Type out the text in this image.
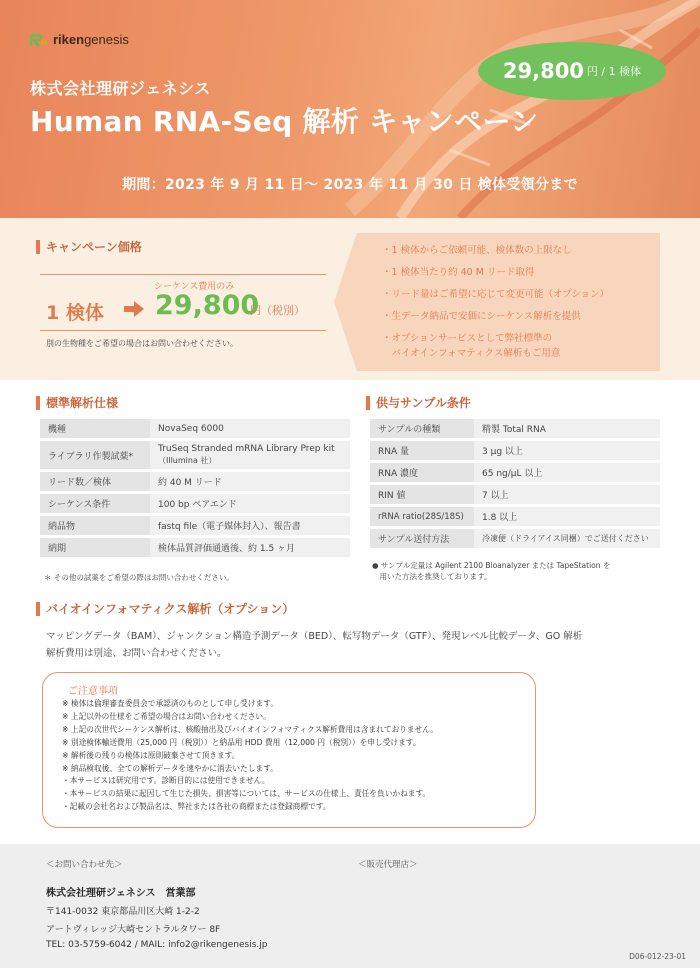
rikengenesis
株式会社理研ジェネシス
Human RNA-Seq 解析 キャンペーン
29,800 円 / 1 検体
期間：2023 年 9 月 11 日～ 2023 年 11 月 30 日 検体受領分まで
キャンペーン価格
シーケンス費用のみ
1 検体 29,800
円（税別）
別の生物種をご希望の場合はお問い合わせください。
・1 検体からご依頼可能、検体数の上限なし
・1 検体当たり約 40 M リード取得
・リード量はご希望に応じて変更可能（オプション）
・生データ納品で安価にシーケンス解析を提供
・オプションサービスとして弊社標準の
　バイオインフォマティクス解析もご用意
標準解析仕様
機種	NovaSeq 6000
ライブラリ作製試薬*	TruSeq Stranded mRNA Library Prep kit
（Illumina 社）
リード数／検体	約 40 M リード
シーケンス条件	100 bp ペアエンド
納品物	fastq file（電子媒体封入）、報告書
納期	検体品質評価通過後、約 1.5 ヶ月
＊ その他の試薬をご希望の際はお問い合わせください。
供与サンプル条件
サンプルの種類	精製 Total RNA
RNA 量	3 μg 以上
RNA 濃度	65 ng/μL 以上
RIN 値	7 以上
rRNA ratio(28S/18S)	1.8 以上
サンプル送付方法	冷凍便（ドライアイス同梱）でご送付ください
● サンプル定量は Agilent 2100 Bioanalyzer または TapeStation を
　用いた方法を推奨しております。
バイオインフォマティクス解析（オプション）
マッピングデータ（BAM）、ジャンクション構造予測データ（BED）、転写物データ（GTF）、発現レベル比較データ、GO 解析
解析費用は別途、お問い合わせください。
ご注意事項
※ 検体は倫理審査委員会で承認済のものとして申し受けます。
※ 上記以外の仕様をご希望の場合はお問い合わせください。
※ 上記の次世代シーケンス解析は、核酸抽出及びバイオインフォマティクス解析費用は含まれておりません。
※ 別途検体輸送費用（25,000 円（税別））と納品用 HDD 費用（12,000 円（税別））を申し受けます。
※ 解析後の残りの検体は原則破棄させて頂きます。
※ 納品検収後、全ての解析データを速やかに消去いたします。
・本サービスは研究用です。診断目的には使用できません。
・本サービスの結果に起因して生じた損失、損害等については、サービスの仕様上、責任を負いかねます。
・記載の会社名および製品名は、弊社または各社の商標または登録商標です。
＜お問い合わせ先＞	＜販売代理店＞
株式会社理研ジェネシス　営業部
〒141-0032 東京都品川区大崎 1-2-2
アートヴィレッジ大崎セントラルタワー 8F
TEL: 03-5759-6042 / MAIL: info2@rikengenesis.jp
D06-012-23-01
